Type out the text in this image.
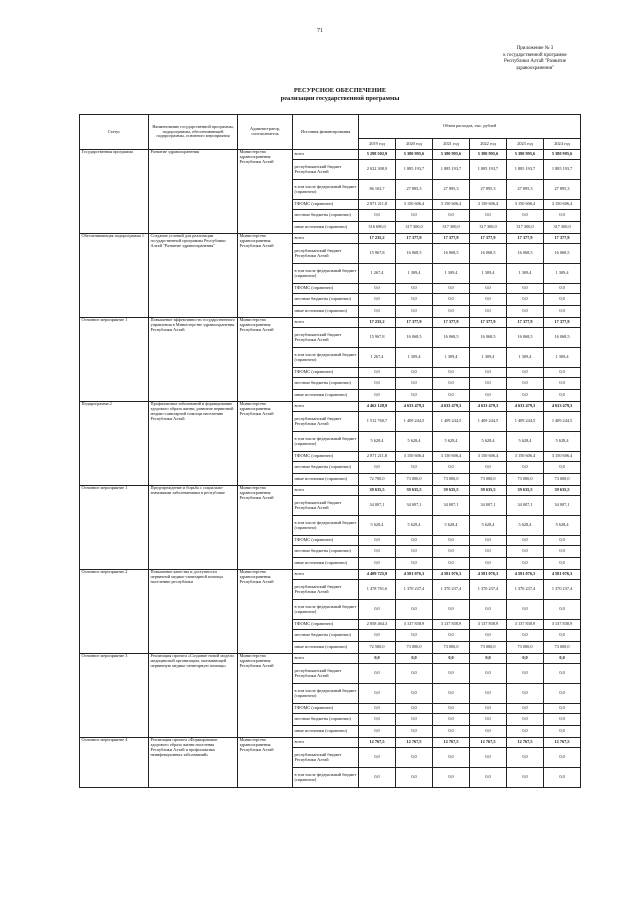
71
Приложение № 3
к государственной программе
Республики Алтай "Развитие
здравоохранения"
РЕСУРСНОЕ ОБЕСПЕЧЕНИЕ
реализации государственной программы
Статус	Наименование государственной программы, подпрограммы, обеспечивающей подпрограммы, основного мероприятия	Администратор, соисполнитель	Источник финансирования	Объем расходов, тыс. рублей					
				2019 год	2020 год	2021 год	2022 год	2023 год	2024 год
Государственная программа	Развитие здравоохранения	Министерство здравоохранения Республики Алтай	всего	5 298 502,9	5 380 995,6	5 380 995,6	5 380 995,6	5 380 995,6	5 380 995,6
			республиканский бюджет Республики Алтай	2 022 308,9	1 885 193,7	1 885 193,7	1 885 193,7	1 885 193,7	1 885 193,7
			в том числе федеральный бюджет (справочно)	86 163,7	27 895,3	27 895,3	27 895,3	27 895,3	27 895,3
			ТФОМС (справочно)	2 871 211,8	3 150 606,4	3 150 606,4	3 150 606,4	3 150 606,4	3 150 606,4
			местные бюджеты (справочно)	0,0	0,0	0,0	0,0	0,0	0,0
			иные источники (справочно)	316 690,0	317 300,0	317 300,0	317 300,0	317 300,0	317 300,0
Обеспечивающая подпрограмма 1	Создание условий для реализации государственной программы Республики Алтай "Развитие здравоохранения"	Министерство здравоохранения Республики Алтай	всего	17 235,2	17 377,9	17 377,9	17 377,9	17 377,9	17 377,9
			республиканский бюджет Республики Алтай	15 967,8	16 068,5	16 068,5	16 068,5	16 068,5	16 068,5
			в том числе федеральный бюджет (справочно)	1 267,4	1 309,4	1 309,4	1 309,4	1 309,4	1 309,4
			ТФОМС (справочно)	0,0	0,0	0,0	0,0	0,0	0,0
			местные бюджеты (справочно)	0,0	0,0	0,0	0,0	0,0	0,0
			иные источники (справочно)	0,0	0,0	0,0	0,0	0,0	0,0
Основное мероприятие 1	Повышение эффективности государственного управления в Министерстве здравоохранения Республики Алтай	Министерство здравоохранения Республики Алтай	всего	17 235,2	17 377,9	17 377,9	17 377,9	17 377,9	17 377,9
			республиканский бюджет Республики Алтай	15 967,8	16 068,5	16 068,5	16 068,5	16 068,5	16 068,5
			в том числе федеральный бюджет (справочно)	1 267,4	1 309,4	1 309,4	1 309,4	1 309,4	1 309,4
			ТФОМС (справочно)	0,0	0,0	0,0	0,0	0,0	0,0
			местные бюджеты (справочно)	0,0	0,0	0,0	0,0	0,0	0,0
			иные источники (справочно)	0,0	0,0	0,0	0,0	0,0	0,0
Подпрограмма 2	Профилактика заболеваний и формирование здорового образа жизни, развитие первичной медико-санитарной помощи населению Республики Алтай	Министерство здравоохранения Республики Алтай	всего	4 462 128,9	4 633 479,3	4 633 479,3	4 633 479,3	4 633 479,3	4 633 479,3
			республиканский бюджет Республики Алтай	1 512 760,7	1 409 244,5	1 409 244,5	1 409 244,5	1 409 244,5	1 409 244,5
			в том числе федеральный бюджет (справочно)	5 628,4	5 628,4	5 628,4	5 628,4	5 628,4	5 628,4
			ТФОМС (справочно)	2 871 211,8	3 150 606,4	3 150 606,4	3 150 606,4	3 150 606,4	3 150 606,4
			местные бюджеты (справочно)	0,0	0,0	0,0	0,0	0,0	0,0
			иные источники (справочно)	72 700,0	73 000,0	73 000,0	73 000,0	73 000,0	73 000,0
Основное мероприятие 1	Предупреждение и борьба с социально-значимыми заболеваниями в республике	Министерство здравоохранения Республики Алтай	всего	39 635,5	39 635,5	39 635,5	39 635,5	39 635,5	39 635,5
			республиканский бюджет Республики Алтай	34 007,1	34 007,1	34 007,1	34 007,1	34 007,1	34 007,1
			в том числе федеральный бюджет (справочно)	5 628,4	5 628,4	5 628,4	5 628,4	5 628,4	5 628,4
			ТФОМС (справочно)	0,0	0,0	0,0	0,0	0,0	0,0
			местные бюджеты (справочно)	0,0	0,0	0,0	0,0	0,0	0,0
			иные источники (справочно)	0,0	0,0	0,0	0,0	0,0	0,0
Основное мероприятие 2	Повышение качества и доступности первичной медико-санитарной помощи населению республики	Министерство здравоохранения Республики Алтай	всего	4 409 725,9	4 581 076,3	4 581 076,3	4 581 076,3	4 581 076,3	4 581 076,3
			республиканский бюджет Республики Алтай	1 478 761,6	1 370 237,4	1 370 237,4	1 370 237,4	1 370 237,4	1 370 237,4
			в том числе федеральный бюджет (справочно)	0,0	0,0	0,0	0,0	0,0	0,0
			ТФОМС (справочно)	2 858 464,3	3 137 838,9	3 137 838,9	3 137 838,9	3 137 838,9	3 137 838,9
			местные бюджеты (справочно)	0,0	0,0	0,0	0,0	0,0	0,0
			иные источники (справочно)	72 500,0	73 000,0	73 000,0	73 000,0	73 000,0	73 000,0
Основное мероприятие 3	Реализация проекта «Создание новой модели медицинской организации, оказывающей первичную медико-санитарную помощь»	Министерство здравоохранения Республики Алтай	всего	0,0	0,0	0,0	0,0	0,0	0,0
			республиканский бюджет Республики Алтай	0,0	0,0	0,0	0,0	0,0	0,0
			в том числе федеральный бюджет (справочно)	0,0	0,0	0,0	0,0	0,0	0,0
			ТФОМС (справочно)	0,0	0,0	0,0	0,0	0,0	0,0
			местные бюджеты (справочно)	0,0	0,0	0,0	0,0	0,0	0,0
			иные источники (справочно)	0,0	0,0	0,0	0,0	0,0	0,0
Основное мероприятие 4	Реализация проекта «Формирование здорового образа жизни населения Республики Алтай и профилактика неинфекционных заболеваний»	Министерство здравоохранения Республики Алтай	всего	12 767,5	12 767,5	12 767,5	12 767,5	12 767,5	12 767,5
			республиканский бюджет Республики Алтай	0,0	0,0	0,0	0,0	0,0	0,0
			в том числе федеральный бюджет (справочно)	0,0	0,0	0,0	0,0	0,0	0,0
